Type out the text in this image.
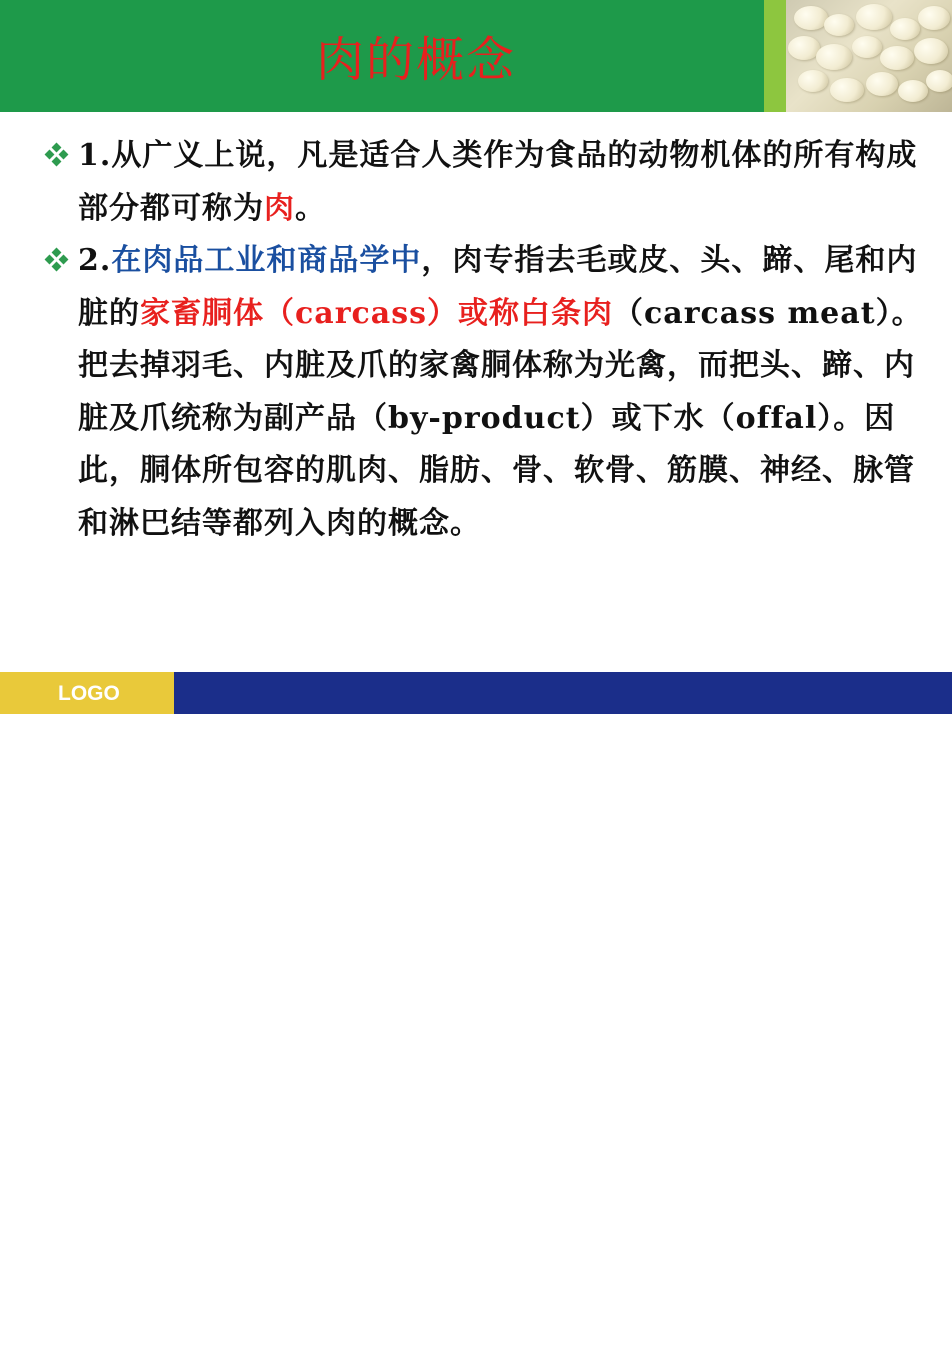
肉的概念

1.从广义上说，凡是适合人类作为食品的动物机体的所有构成部分都可称为肉。

2.在肉品工业和商品学中，肉专指去毛或皮、头、蹄、尾和内脏的家畜胴体（carcass）或称白条肉（carcass meat）。把去掉羽毛、内脏及爪的家禽胴体称为光禽，而把头、蹄、内脏及爪统称为副产品（by-product）或下水（offal）。因此，胴体所包容的肌肉、脂肪、骨、软骨、筋膜、神经、脉管和淋巴结等都列入肉的概念。

LOGO
